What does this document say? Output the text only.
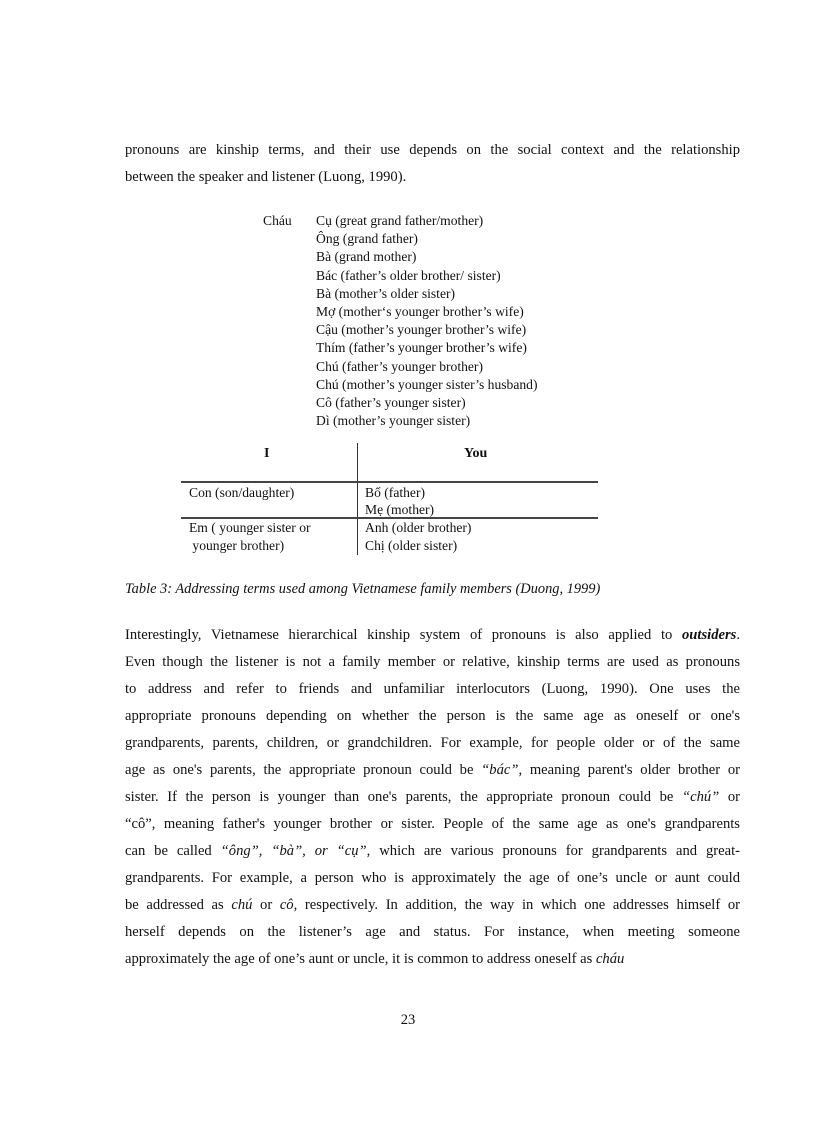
pronouns are kinship terms, and their use depends on the social context and the relationship
between the speaker and listener (Luong, 1990).
Cháu Cụ (great grand father/mother)
Ông (grand father)
Bà (grand mother)
Bác (father’s older brother/ sister)
Bà (mother’s older sister)
Mợ (mother‘s younger brother’s wife)
Cậu (mother’s younger brother’s wife)
Thím (father’s younger brother’s wife)
Chú (father’s younger brother)
Chú (mother’s younger sister’s husband)
Cô (father’s younger sister)
Dì (mother’s younger sister)
I	You
Con (son/daughter)	Bố (father)
Mẹ (mother)
Em ( younger sister or
younger brother)
Anh (older brother)
Chị (older sister)
Table 3: Addressing terms used among Vietnamese family members (Duong, 1999)
Interestingly, Vietnamese hierarchical kinship system of pronouns is also applied to outsiders.
Even though the listener is not a family member or relative, kinship terms are used as pronouns
to address and refer to friends and unfamiliar interlocutors (Luong, 1990). One uses the
appropriate pronouns depending on whether the person is the same age as oneself or one's
grandparents, parents, children, or grandchildren. For example, for people older or of the same
age as one's parents, the appropriate pronoun could be “bác”, meaning parent's older brother or
sister. If the person is younger than one's parents, the appropriate pronoun could be “chú” or
“cô”, meaning father's younger brother or sister. People of the same age as one's grandparents
can be called “ông”, “bà”, or “cụ”, which are various pronouns for grandparents and great-
grandparents. For example, a person who is approximately the age of one’s uncle or aunt could
be addressed as chú or cô, respectively. In addition, the way in which one addresses himself or
herself depends on the listener’s age and status. For instance, when meeting someone
approximately the age of one’s aunt or uncle, it is common to address oneself as cháu
23
